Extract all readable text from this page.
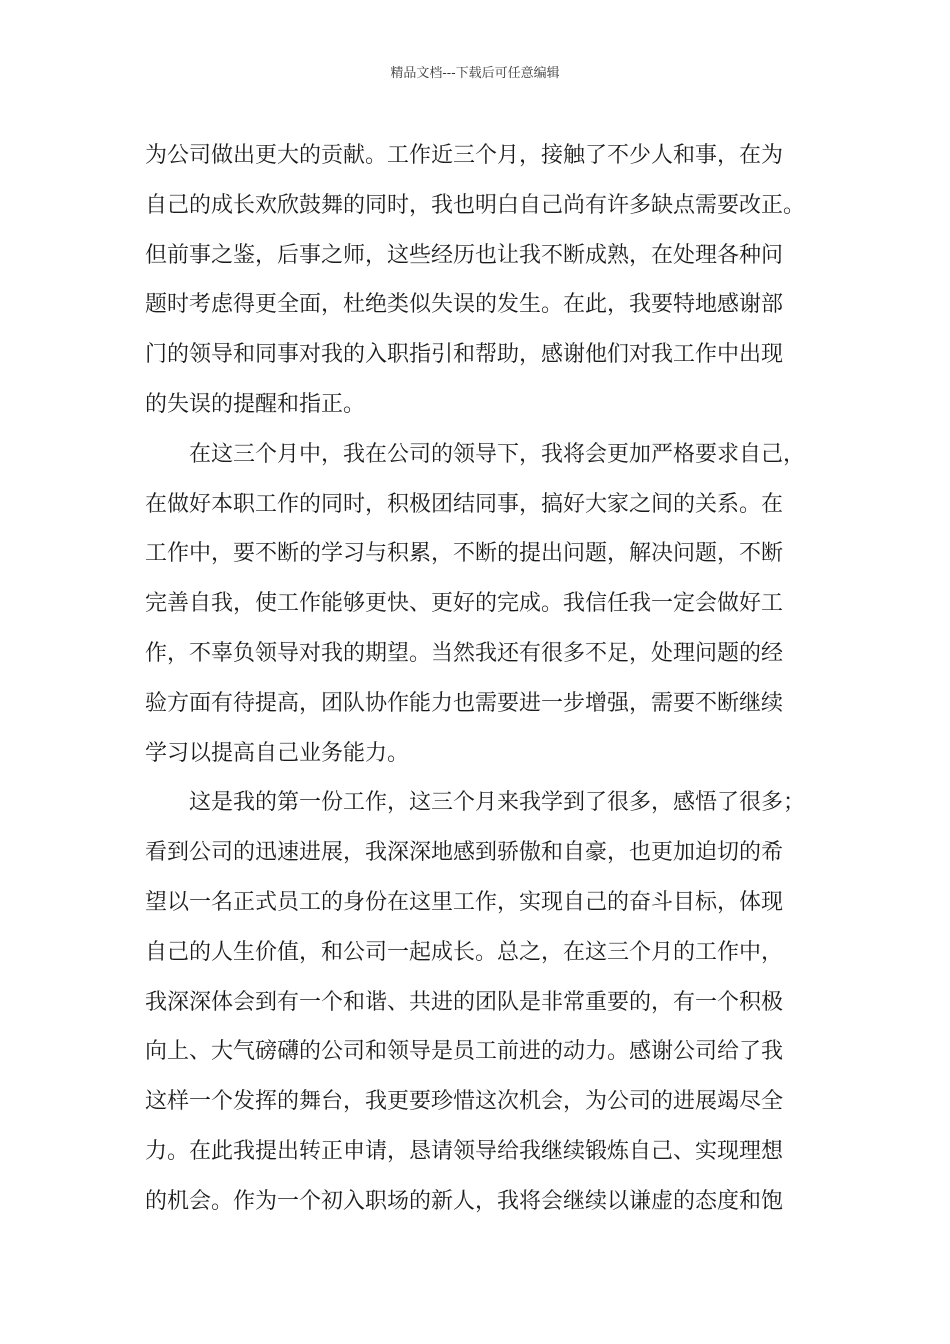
精品文档---下载后可任意编辑
为公司做出更大的贡献。工作近三个月，接触了不少人和事，在为
自己的成长欢欣鼓舞的同时，我也明白自己尚有许多缺点需要改正。
但前事之鉴，后事之师，这些经历也让我不断成熟，在处理各种问
题时考虑得更全面，杜绝类似失误的发生。在此，我要特地感谢部
门的领导和同事对我的入职指引和帮助，感谢他们对我工作中出现
的失误的提醒和指正。
在这三个月中，我在公司的领导下，我将会更加严格要求自己，
在做好本职工作的同时，积极团结同事，搞好大家之间的关系。在
工作中，要不断的学习与积累，不断的提出问题，解决问题，不断
完善自我，使工作能够更快、更好的完成。我信任我一定会做好工
作，不辜负领导对我的期望。当然我还有很多不足，处理问题的经
验方面有待提高，团队协作能力也需要进一步增强，需要不断继续
学习以提高自己业务能力。
这是我的第一份工作，这三个月来我学到了很多，感悟了很多；
看到公司的迅速进展，我深深地感到骄傲和自豪，也更加迫切的希
望以一名正式员工的身份在这里工作，实现自己的奋斗目标，体现
自己的人生价值，和公司一起成长。总之，在这三个月的工作中，
我深深体会到有一个和谐、共进的团队是非常重要的，有一个积极
向上、大气磅礴的公司和领导是员工前进的动力。感谢公司给了我
这样一个发挥的舞台，我更要珍惜这次机会，为公司的进展竭尽全
力。在此我提出转正申请，恳请领导给我继续锻炼自己、实现理想
的机会。作为一个初入职场的新人，我将会继续以谦虚的态度和饱
